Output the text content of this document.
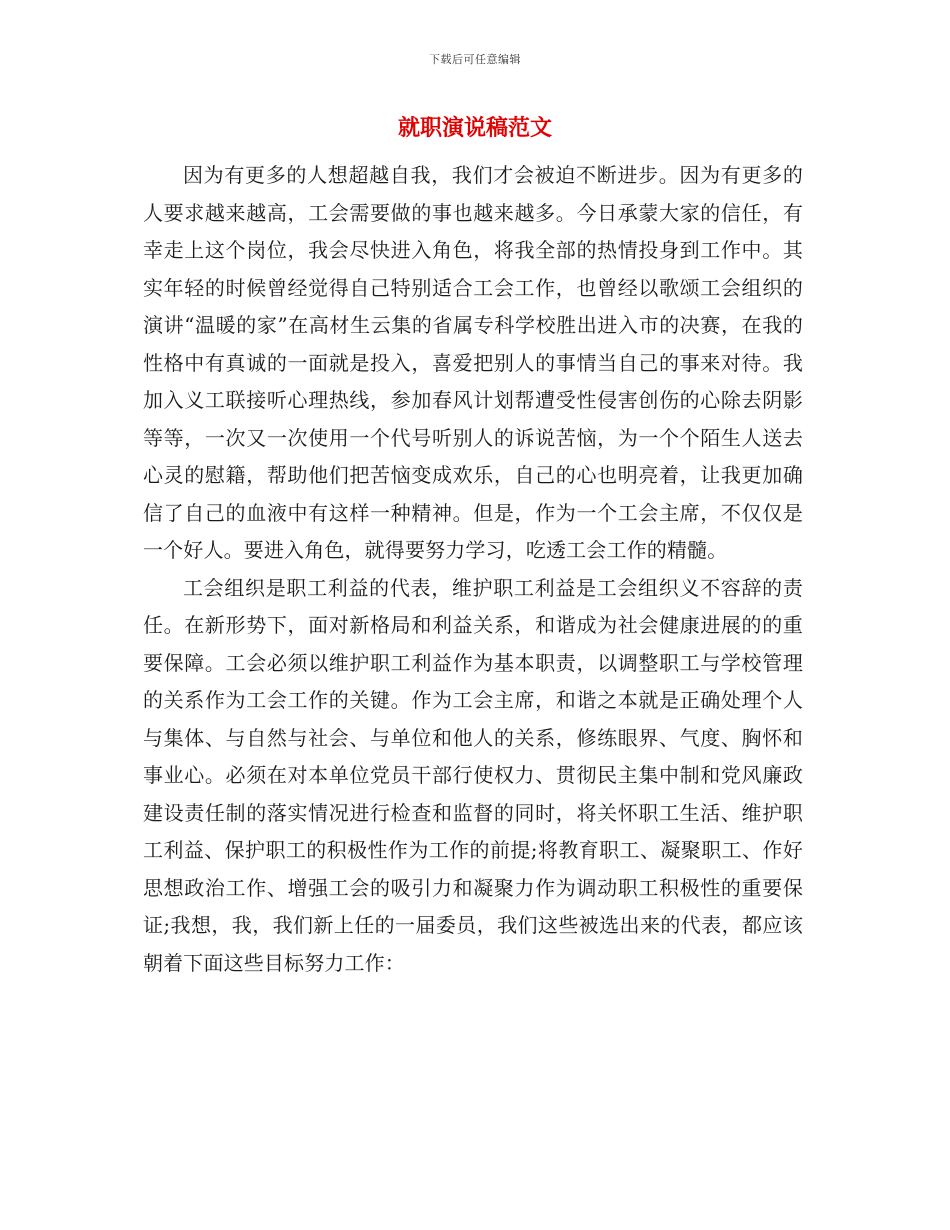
下载后可任意编辑
就职演说稿范文

因为有更多的人想超越自我，我们才会被迫不断进步。因为有更多的人要求越来越高，工会需要做的事也越来越多。今日承蒙大家的信任，有幸走上这个岗位，我会尽快进入角色，将我全部的热情投身到工作中。其实年轻的时候曾经觉得自己特别适合工会工作，也曾经以歌颂工会组织的演讲“温暖的家”在高材生云集的省属专科学校胜出进入市的决赛，在我的性格中有真诚的一面就是投入，喜爱把别人的事情当自己的事来对待。我加入义工联接听心理热线，参加春风计划帮遭受性侵害创伤的心除去阴影等等，一次又一次使用一个代号听别人的诉说苦恼，为一个个陌生人送去心灵的慰籍，帮助他们把苦恼变成欢乐，自己的心也明亮着，让我更加确信了自己的血液中有这样一种精神。但是，作为一个工会主席，不仅仅是一个好人。要进入角色，就得要努力学习，吃透工会工作的精髓。

工会组织是职工利益的代表，维护职工利益是工会组织义不容辞的责任。在新形势下，面对新格局和利益关系，和谐成为社会健康进展的的重要保障。工会必须以维护职工利益作为基本职责，以调整职工与学校管理的关系作为工会工作的关键。作为工会主席，和谐之本就是正确处理个人与集体、与自然与社会、与单位和他人的关系，修练眼界、气度、胸怀和事业心。必须在对本单位党员干部行使权力、贯彻民主集中制和党风廉政建设责任制的落实情况进行检查和监督的同时，将关怀职工生活、维护职工利益、保护职工的积极性作为工作的前提;将教育职工、凝聚职工、作好思想政治工作、增强工会的吸引力和凝聚力作为调动职工积极性的重要保证;我想，我，我们新上任的一届委员，我们这些被选出来的代表，都应该朝着下面这些目标努力工作：
